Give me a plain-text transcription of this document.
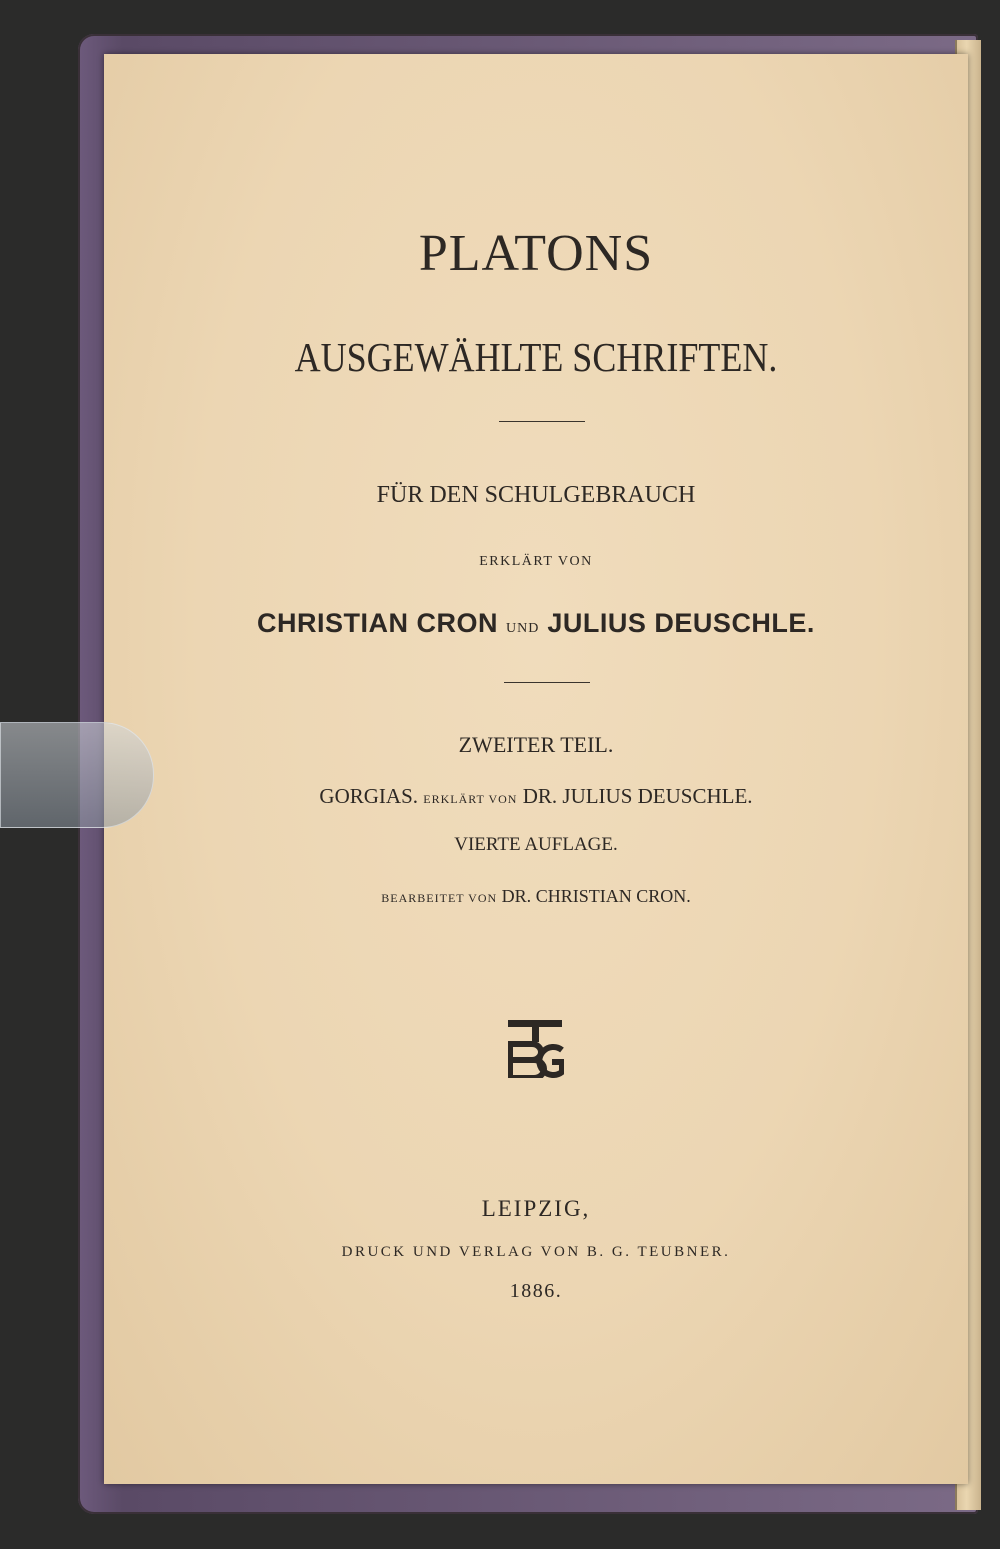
PLATONS
AUSGEWÄHLTE SCHRIFTEN.
FÜR DEN SCHULGEBRAUCH
ERKLÄRT VON
CHRISTIAN CRON UND JULIUS DEUSCHLE.
ZWEITER TEIL.
GORGIAS. ERKLÄRT VON DR. JULIUS DEUSCHLE.
VIERTE AUFLAGE.
BEARBEITET VON DR. CHRISTIAN CRON.
LEIPZIG,
DRUCK UND VERLAG VON B. G. TEUBNER.
1886.
